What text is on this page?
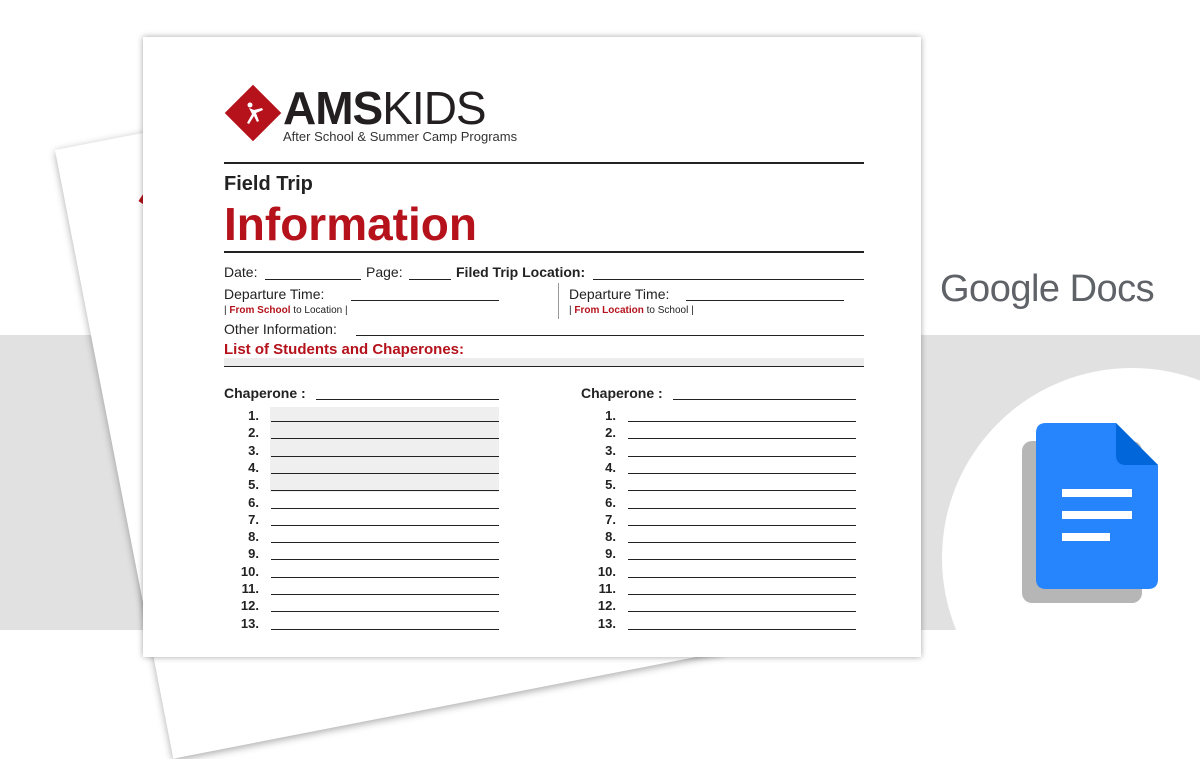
AMSKIDS
After School & Summer Camp Programs
Field Trip
Information
Date:	Page:	Filed Trip Location:
Departure Time:
| From School to Location |
Departure Time:
| From Location to School |
Other Information:
List of Students and Chaperones:
Chaperone :	Chaperone :
1.
2.
3.
4.
5.
6.
7.
8.
9.
10.
11.
12.
13.
1.
2.
3.
4.
5.
6.
7.
8.
9.
10.
11.
12.
13.
Google Docs
